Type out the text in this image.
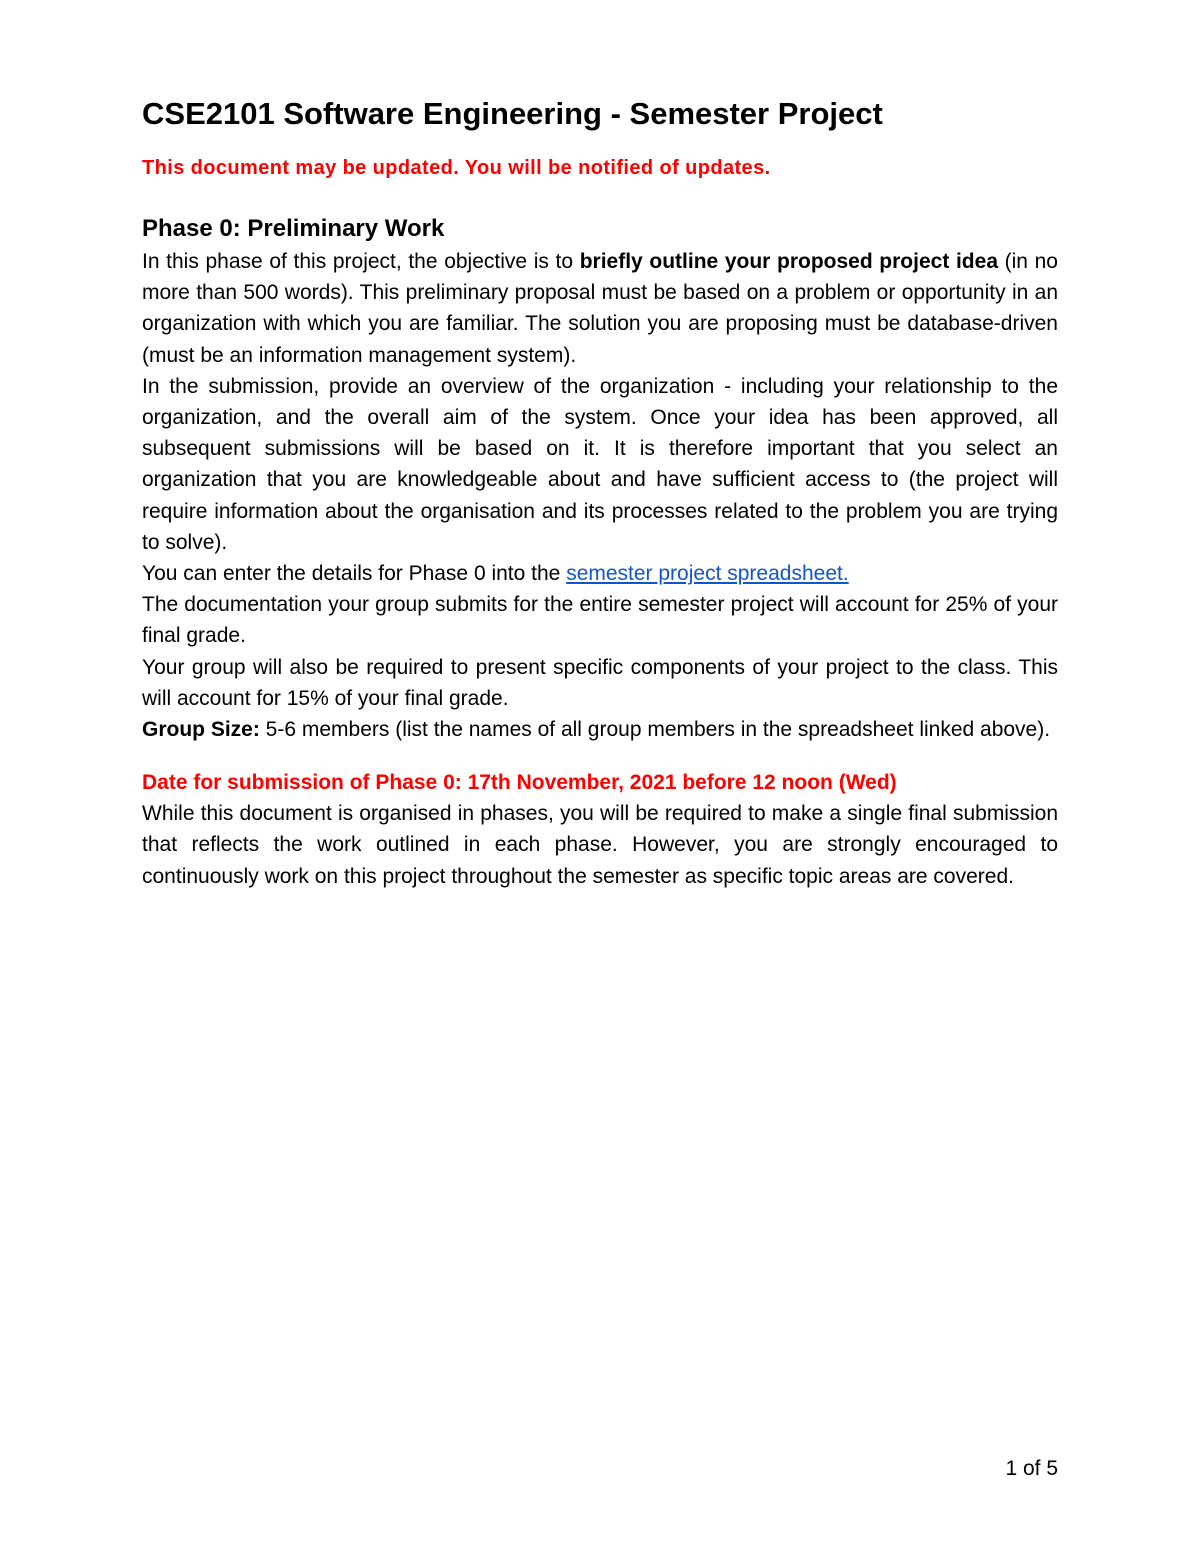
CSE2101 Software Engineering - Semester Project
This document may be updated. You will be notified of updates.
Phase 0: Preliminary Work

In this phase of this project, the objective is to briefly outline your proposed project idea (in no more than 500 words). This preliminary proposal must be based on a problem or opportunity in an organization with which you are familiar. The solution you are proposing must be database-driven (must be an information management system).

In the submission, provide an overview of the organization - including your relationship to the organization, and the overall aim of the system. Once your idea has been approved, all subsequent submissions will be based on it. It is therefore important that you select an organization that you are knowledgeable about and have sufficient access to (the project will require information about the organisation and its processes related to the problem you are trying to solve).

You can enter the details for Phase 0 into the semester project spreadsheet.

The documentation your group submits for the entire semester project will account for 25% of your final grade.

Your group will also be required to present specific components of your project to the class. This will account for 15% of your final grade.

Group Size: 5-6 members (list the names of all group members in the spreadsheet linked above).

Date for submission of Phase 0: 17th November, 2021 before 12 noon (Wed)

While this document is organised in phases, you will be required to make a single final submission that reflects the work outlined in each phase. However, you are strongly encouraged to continuously work on this project throughout the semester as specific topic areas are covered.

1 of 5
